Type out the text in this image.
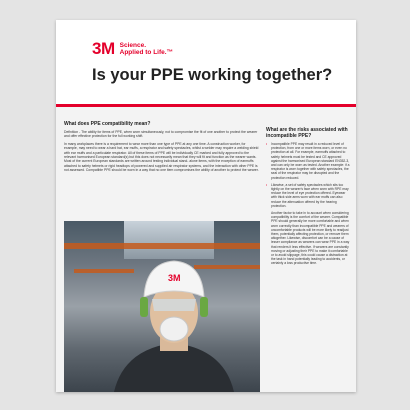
3M Science.
Applied to Life.™
Is your PPE working together?

What does PPE compatibility mean?

Definition - The ability for items of PPE, when worn simultaneously, not to compromise the fit of one another to protect the wearer and offer effective protection for the full working shift.

In many workplaces there is a requirement to wear more than one type of PPE at any one time. A construction worker, for example, may need to wear a hard hat, ear muffs, a respirator and safety spectacles, whilst a welder may require a welding shield with ear muffs and a particulate respirator. All of these items of PPE will be individually CE marked and fully approved to the relevant harmonised European standard(s) but this does not necessarily mean that they will fit and function as the wearer wants. Most of the current European standards are written around testing individual stand- alone items, with the exception of earmuffs attached to safety helmets or rigid headtops of powered and supplied air respirator systems, and the interaction with other PPE is not assessed. Compatible PPE should be worn in a way that no one item compromises the ability of another to protect the wearer.

3M

What are the risks associated with incompatible PPE?

• Incompatible PPE may result in a reduced level of protection, from one or more items worn, or even no protection at all. For example, earmuffs attached to safety helmets must be tested and CE approved against the harmonised European standard EN352-3, and can only be worn as tested. Another example: if a respirator is worn together with safety spectacles, the seal of the respirator may be disrupted and the protection reduced.

• Likewise, a set of safety spectacles which sits too tightly on the wearer's face when worn with RPE may reduce the level of eye protection offered. Eyewear with thick side arms worn with ear muffs can also reduce the attenuation offered by the hearing protection.

Another factor to take in to account when considering compatibility is the comfort of the wearer. Compatible PPE should generally be more comfortable and when worn correctly than incompatible PPE and wearers of uncomfortable products will be more likely to readjust them, potentially affecting protection, or remove them altogether. Likewise, discomfort can be a cause of lesser compliance as wearers can wear PPE in a way that renders it less effective. If wearers are constantly moving or adjusting their PPE to make it comfortable or to avoid slippage, this could cause a distraction at the task in hand potentially leading to accidents, or certainly a loss productive time.
